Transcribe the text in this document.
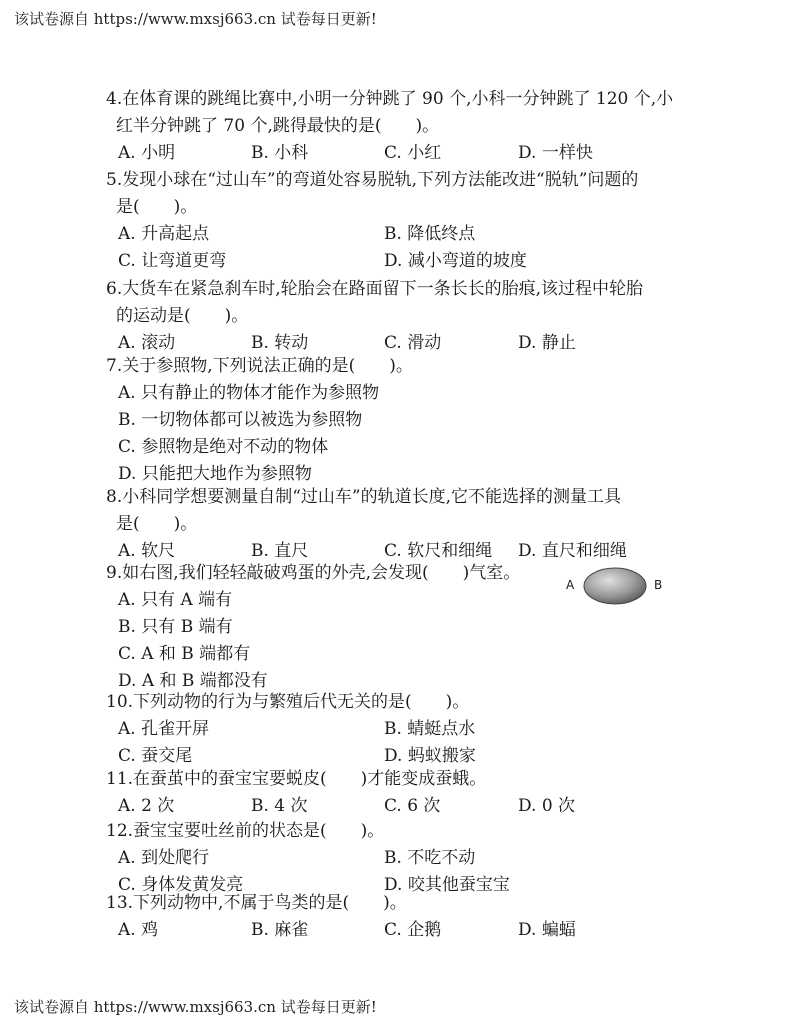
该试卷源自 https://www.mxsj663.cn 试卷每日更新!
4.在体育课的跳绳比赛中,小明一分钟跳了 90 个,小科一分钟跳了 120 个,小
红半分钟跳了 70 个,跳得最快的是(　　)。
A. 小明	B. 小科	C. 小红	D. 一样快
5.发现小球在“过山车”的弯道处容易脱轨,下列方法能改进“脱轨”问题的
是(　　)。
A. 升高起点	B. 降低终点
C. 让弯道更弯	D. 减小弯道的坡度
6.大货车在紧急刹车时,轮胎会在路面留下一条长长的胎痕,该过程中轮胎
的运动是(　　)。
A. 滚动	B. 转动	C. 滑动	D. 静止
7.关于参照物,下列说法正确的是(　　)。
A. 只有静止的物体才能作为参照物
B. 一切物体都可以被选为参照物
C. 参照物是绝对不动的物体
D. 只能把大地作为参照物
8.小科同学想要测量自制“过山车”的轨道长度,它不能选择的测量工具
是(　　)。
A. 软尺	B. 直尺	C. 软尺和细绳 D. 直尺和细绳
9.如右图,我们轻轻敲破鸡蛋的外壳,会发现(　　)气室。
A. 只有 A 端有
B. 只有 B 端有
C. A 和 B 端都有
D. A 和 B 端都没有
A	B
10.下列动物的行为与繁殖后代无关的是(　　)。
A. 孔雀开屏	B. 蜻蜓点水
C. 蚕交尾	D. 蚂蚁搬家
11.在蚕茧中的蚕宝宝要蜕皮(　　)才能变成蚕蛾。
A. 2 次	B. 4 次	C. 6 次	D. 0 次
12.蚕宝宝要吐丝前的状态是(　　)。
A. 到处爬行	B. 不吃不动
C. 身体发黄发亮	D. 咬其他蚕宝宝
13.下列动物中,不属于鸟类的是(　　)。
A. 鸡	B. 麻雀	C. 企鹅	D. 蝙蝠
该试卷源自 https://www.mxsj663.cn 试卷每日更新!
